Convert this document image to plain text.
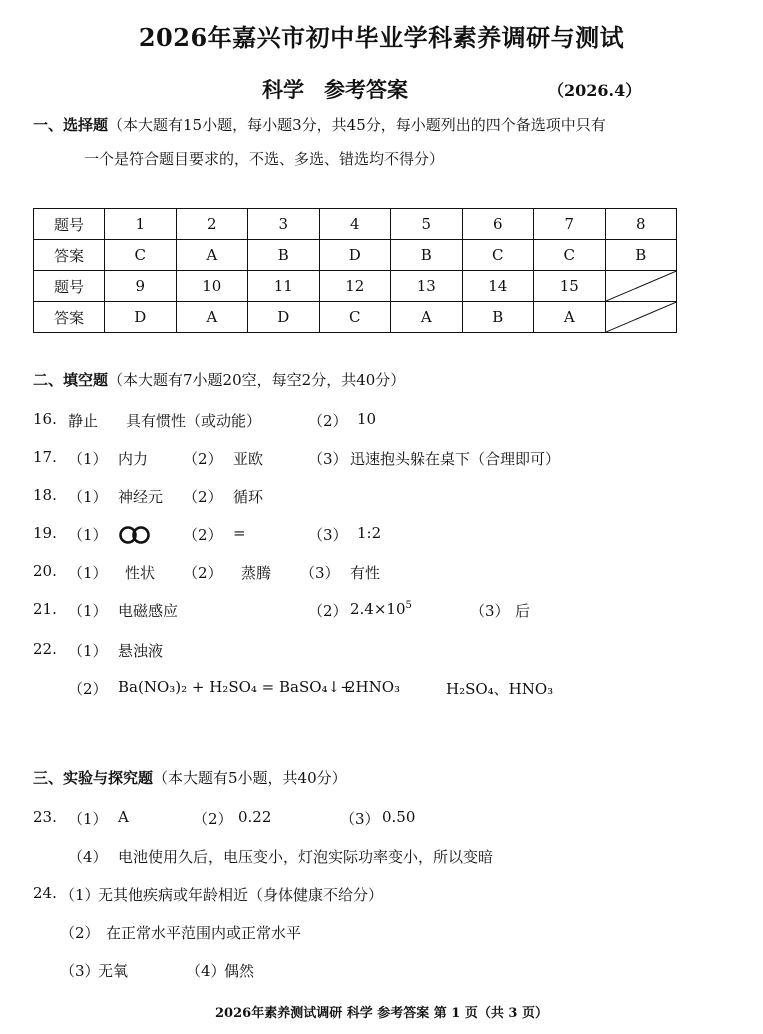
2026年嘉兴市初中毕业学科素养调研与测试
科学 参考答案	（2026.4）
一、选择题（本大题有15小题，每小题3分，共45分，每小题列出的四个备选项中只有
一个是符合题目要求的，不选、多选、错选均不得分）
题号	1	2	3	4	5	6	7	8
答案	C	A	B	D	B	C	C	B
题号	9	10	11	12	13	14	15	

答案	D	A	D	C	A	B	A	
二、填空题（本大题有7小题20空，每空2分，共40分）
16. 静止 具有惯性（或动能）	（2） 10
17. （1） 内力 （2） 亚欧	（3） 迅速抱头躲在桌下（合理即可）
18. （1） 神经元 （2） 循环
19. （1）	（2） =	（3） 1:2
20. （1） 性状 （2） 蒸腾 （3） 有性
21. （1） 电磁感应	（2） $2.4\times 10^5$	（3） 后
22. （1） 悬浊液
（2） Ba(NO₃)₂ + H₂SO₄ = BaSO₄↓+
2HNO₃	H₂SO₄、HNO₃
三、实验与探究题（本大题有5小题，共40分）
23. （1） A	（2） 0.22	（3） 0.50
（4） 电池使用久后，电压变小，灯泡实际功率变小，所以变暗
24. （1）
无其他疾病或年龄相近（身体健康不给分）
（2） 在正常水平范围内或正常水平
（3）
无氧	（4）
偶然
2026年素养测试调研 科学 参考答案 第 1 页（共 3 页）
